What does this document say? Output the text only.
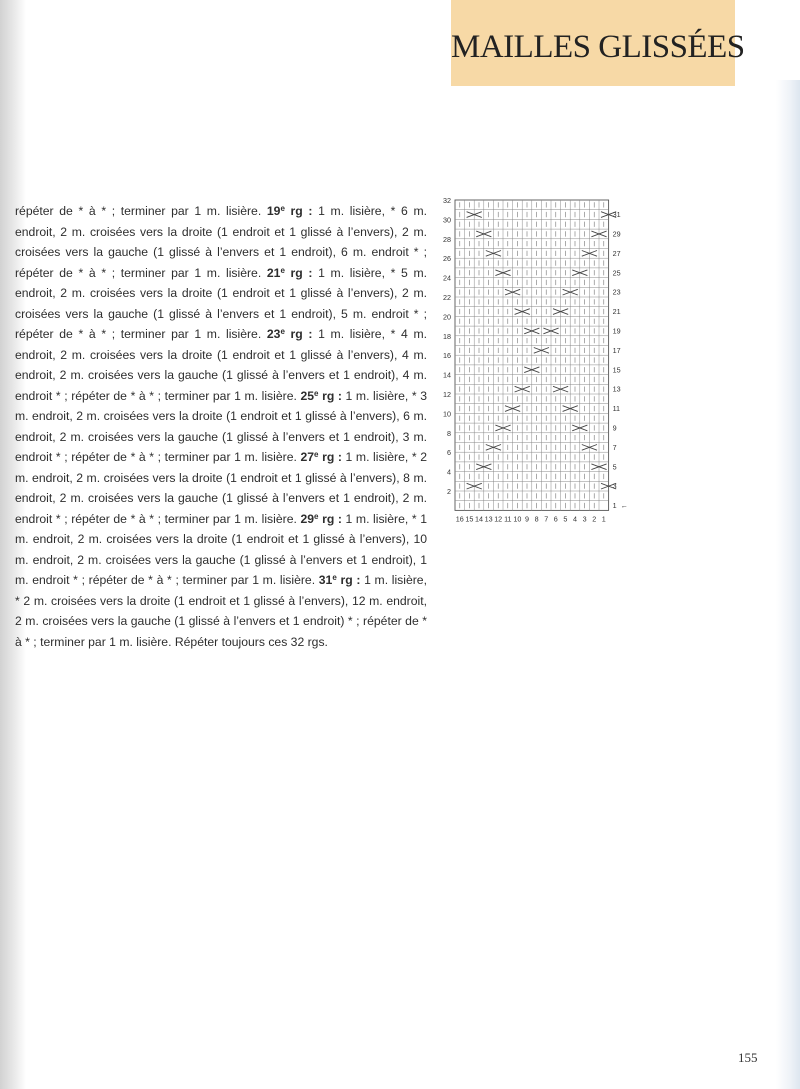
MAILLES GLISSÉES

répéter de * à * ; terminer par 1 m. lisière. 19e rg : 1 m. lisière, * 6 m. endroit, 2 m. croisées vers la droite (1 endroit et 1 glissé à l’envers), 2 m. croisées vers la gauche (1 glissé à l’envers et 1 endroit), 6 m. endroit * ; répéter de * à * ; terminer par 1 m. lisière. 21e rg : 1 m. lisière, * 5 m. endroit, 2 m. croisées vers la droite (1 endroit et 1 glissé à l’envers), 2 m. croisées vers la gauche (1 glissé à l’envers et 1 endroit), 5 m. endroit * ; répéter de * à * ; terminer par 1 m. lisière. 23e rg : 1 m. lisière, * 4 m. endroit, 2 m. croisées vers la droite (1 endroit et 1 glissé à l’envers), 4 m. endroit, 2 m. croisées vers la gauche (1 glissé à l’envers et 1 endroit), 4 m. endroit * ; répéter de * à * ; terminer par 1 m. lisière. 25e rg : 1 m. lisière, * 3 m. endroit, 2 m. croisées vers la droite (1 endroit et 1 glissé à l’envers), 6 m. endroit, 2 m. croisées vers la gauche (1 glissé à l’envers et 1 endroit), 3 m. endroit * ; répéter de * à * ; terminer par 1 m. lisière. 27e rg : 1 m. lisière, * 2 m. endroit, 2 m. croisées vers la droite (1 endroit et 1 glissé à l’envers), 8 m. endroit, 2 m. croisées vers la gauche (1 glissé à l’envers et 1 endroit), 2 m. endroit * ; répéter de * à * ; terminer par 1 m. lisière. 29e rg : 1 m. lisière, * 1 m. endroit, 2 m. croisées vers la droite (1 endroit et 1 glissé à l’envers), 10 m. endroit, 2 m. croisées vers la gauche (1 glissé à l’envers et 1 endroit), 1 m. endroit * ; répéter de * à * ; terminer par 1 m. lisière. 31e rg : 1 m. lisière, * 2 m. croisées vers la droite (1 endroit et 1 glissé à l’envers), 12 m. endroit, 2 m. croisées vers la gauche (1 glissé à l’envers et 1 endroit) * ; répéter de * à * ; terminer par 1 m. lisière. Répéter toujours ces 32 rgs.

32
30
28
26
24
22
20
18
16
14
12
10
8
6
4
2
31
29
27
25
23
21
19
17
15
13
11
9
7
5
3
1 ←
16 15 14 13 12 11 10 9 8 7 6 5 4 3 2 1
155
